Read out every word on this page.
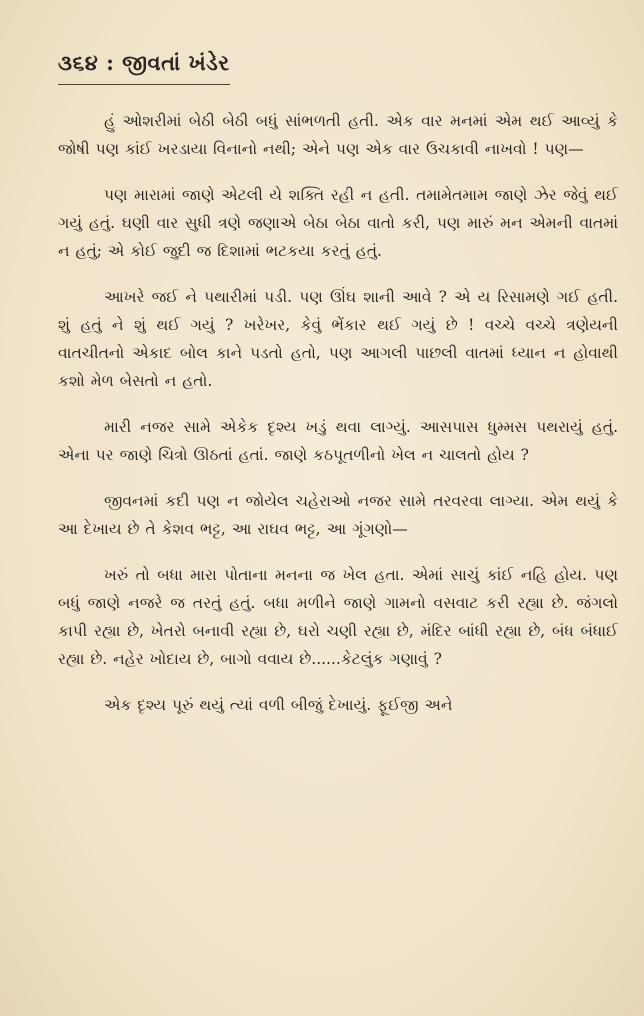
૩૬૪ : જીવતાં ખંડેર

હું ઓશરીમાં બેઠી બેઠી બધું સાંભળતી હતી. એક વાર મનમાં એમ થઈ આવ્યું કે જોષી પણ કાંઈ ખરડાયા વિનાનો નથી; એને પણ એક વાર ઉચકાવી નાખવો ! પણ—

પણ મારામાં જાણે એટલી યે શક્તિ રહી ન હતી. તમામેતમામ જાણે ઝેર જેવું થઈ ગયું હતું. ઘણી વાર સુધી ત્રણે જણાએ બેઠા બેઠા વાતો કરી, પણ મારું મન એમની વાતમાં ન હતું; એ કોઈ જુદી જ દિશામાં ભટકયા કરતું હતું.

આખરે જઈ ને પથારીમાં પડી. પણ ઊંઘ શાની આવે ? એ ય રિસામણે ગઈ હતી. શું હતું ને શું થઈ ગયું ? ખરેખર, કેવું ભેંકાર થઈ ગયું છે ! વચ્ચે વચ્ચે ત્રણેયની વાતચીતનો એકાદ બોલ કાને પડતો હતો, પણ આગલી પાછલી વાતમાં ધ્યાન ન હોવાથી કશો મેળ બેસતો ન હતો.

મારી નજર સામે એકેક દૃશ્ય ખડું થવા લાગ્યું. આસપાસ ધુમ્મસ પથરાયું હતું. એના પર જાણે ચિત્રો ઊઠતાં હતાં. જાણે કઠપૂતળીનો ખેલ ન ચાલતો હોય ?

જીવનમાં કદી પણ ન જોયેલ ચહેરાઓ નજર સામે તરવરવા લાગ્યા. એમ થયું કે આ દેખાય છે તે કેશવ ભટ્ટ, આ રાઘવ ભટ્ટ, આ ગૂંગણો—

ખરું તો બધા મારા પોતાના મનના જ ખેલ હતા. એમાં સાચું કાંઈ નહિ હોય. પણ બધું જાણે નજરે જ તરતું હતું. બધા મળીને જાણે ગામનો વસવાટ કરી રહ્યા છે. જંગલો કાપી રહ્યા છે, ખેતરો બનાવી રહ્યા છે, ઘરો ચણી રહ્યા છે, મંદિર બાંધી રહ્યા છે, બંધ બંધાઈ રહ્યા છે. નહેર ખોદાય છે, બાગો વવાય છે......કેટલુંક ગણાવું ?

એક દૃશ્ય પૂરું થયું ત્યાં વળી બીજું દેખાયું. ફૂઈજી અને
